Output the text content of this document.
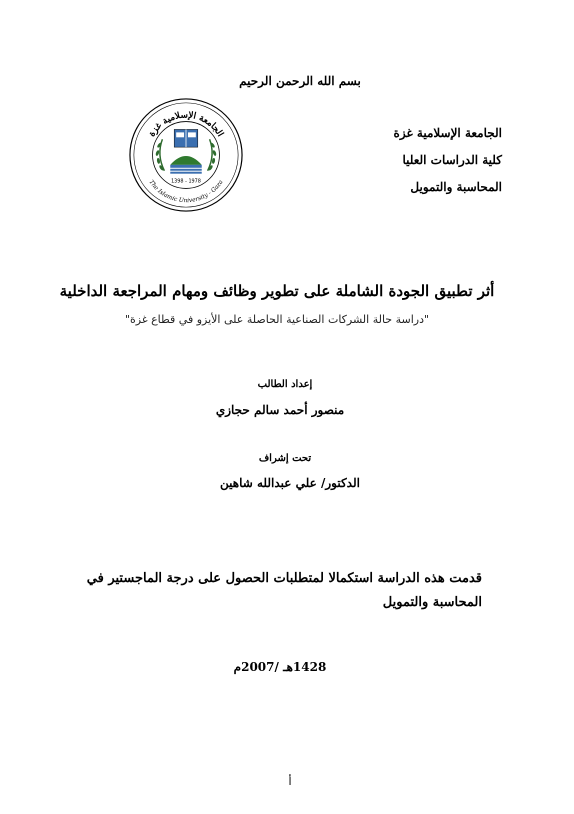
بسم الله الرحمن الرحيم
الجامعة الإسلامية غزة
كلية الدراسات العليا
المحاسبة والتمويل
1398 - 1978
الجامعة الإسلامية غزة
The Islamic University - Gaza
أثر تطبيق الجودة الشاملة على تطوير وظائف ومهام المراجعة الداخلية
"دراسة حالة الشركات الصناعية الحاصلة على الأيزو في قطاع غزة"
إعداد الطالب
منصور أحمد سالم حجازي
تحت إشراف
الدكتور/ علي عبدالله شاهين
قدمت هذه الدراسة استكمالا لمتطلبات الحصول على درجة الماجستير في المحاسبة والتمويل
1428هـ /2007م
أ
